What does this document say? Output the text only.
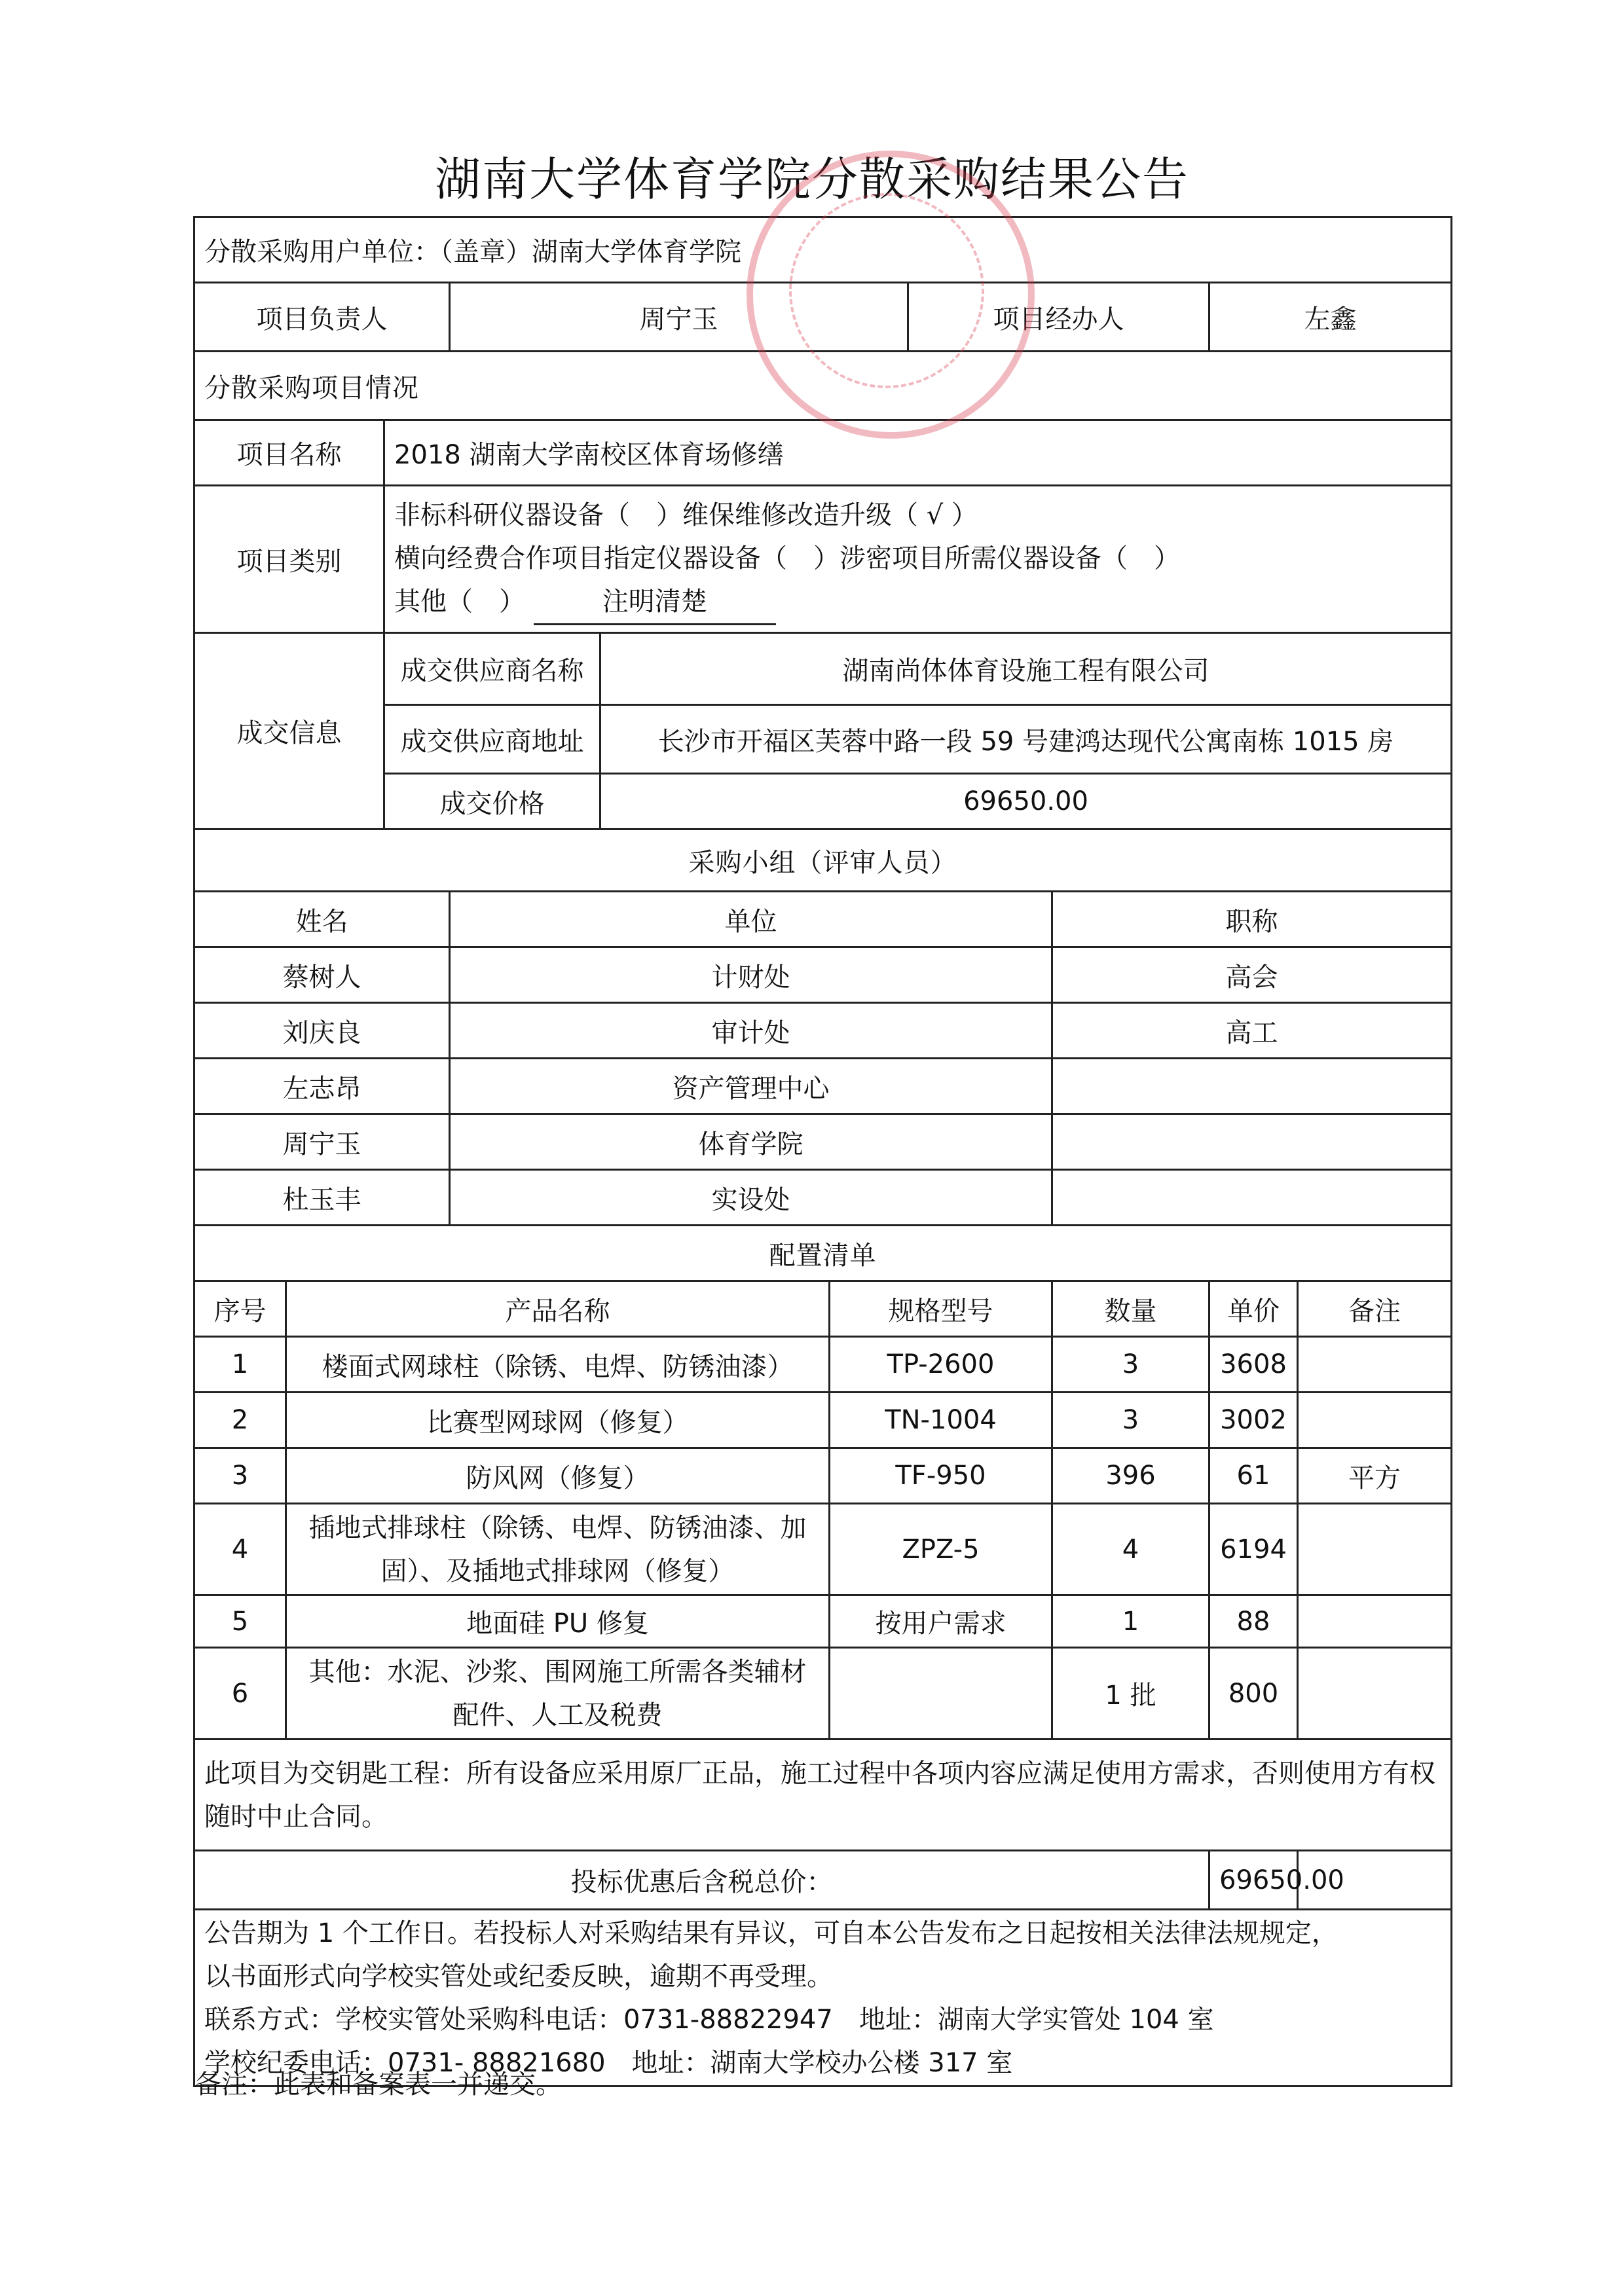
湖南大学体育学院分散采购结果公告
分散采购用户单位：（盖章）湖南大学体育学院									
项目负责人			周宁玉			项目经办人		左鑫	
分散采购项目情况									
项目名称		2018 湖南大学南校区体育场修缮							
项目类别		非标科研仪器设备（　）维保维修改造升级（ √ ）
横向经费合作项目指定仪器设备（　）涉密项目所需仪器设备（　）
其他（　） 注明清楚							

成交信息		成交供应商名称		湖南尚体体育设施工程有限公司					
		成交供应商地址		长沙市开福区芙蓉中路一段 59 号建鸿达现代公寓南栋 1015 房					
		成交价格		69650.00					
采购小组（评审人员）									
姓名			单位				职称		
蔡树人			计财处				高会		
刘庆良			审计处				高工		
左志昂			资产管理中心						
周宁玉			体育学院						
杜玉丰			实设处						
配置清单									
序号	产品名称				规格型号		数量	单价	备注
1	楼面式网球柱（除锈、电焊、防锈油漆）				TP-2600		3	3608	
2	比赛型网球网（修复）				TN-1004		3	3002	
3	防风网（修复）				TF-950		396	61	平方
4	插地式排球柱（除锈、电焊、防锈油漆、加固）、及插地式排球网（修复）				ZPZ-5		4	6194	
5	地面硅 PU 修复				按用户需求		1	88	
6	其他：水泥、沙浆、围网施工所需各类辅材配件、人工及税费						1 批	800	
此项目为交钥匙工程：所有设备应采用原厂正品，施工过程中各项内容应满足使用方需求，否则使用方有权随时中止合同。									
投标优惠后含税总价：								69650.00	

公告期为 1 个工作日。若投标人对采购结果有异议，可自本公告发布之日起按相关法律法规规定，
以书面形式向学校实管处或纪委反映，逾期不再受理。
联系方式：学校实管处采购科电话：0731-88822947　地址：湖南大学实管处 104 室
学校纪委电话：0731- 88821680　地址：湖南大学校办公楼 317 室									
备注：此表和备案表一并递交。
